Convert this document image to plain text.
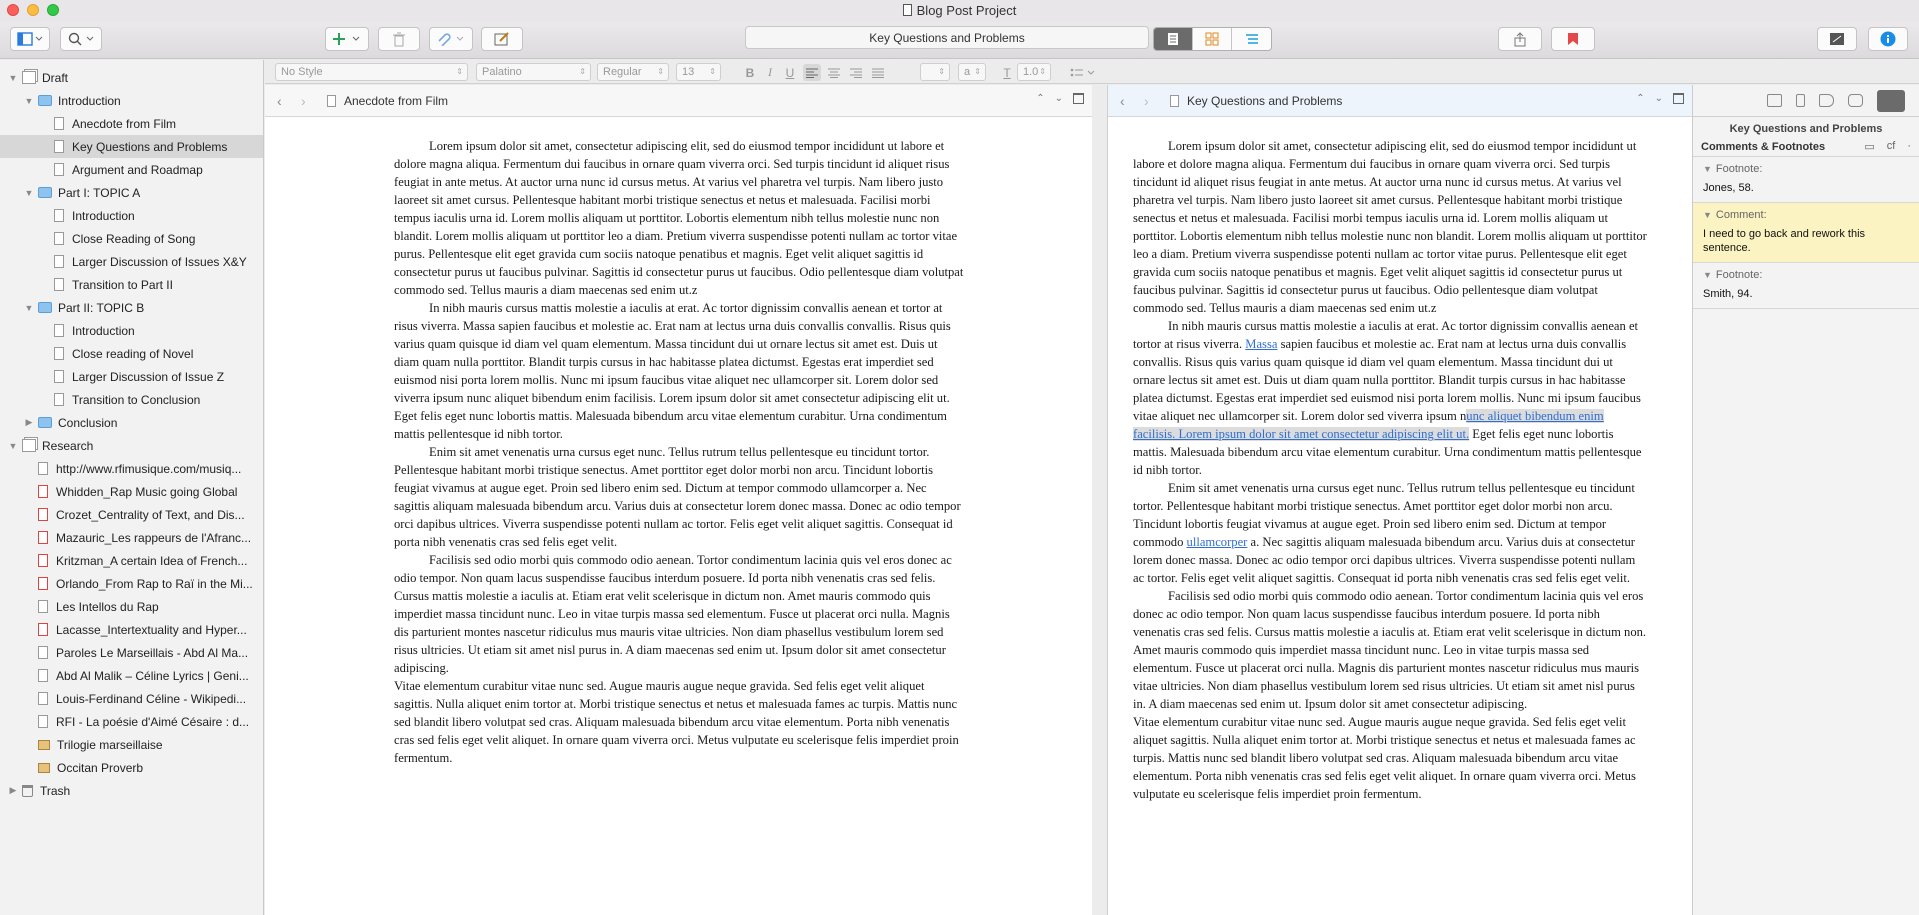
Blog Post Project
Key Questions and Problems
▼ Draft
▼ Introduction
Anecdote from Film
Key Questions and Problems
Argument and Roadmap
▼ Part I: TOPIC A
Introduction
Close Reading of Song
Larger Discussion of Issues X&Y
Transition to Part II
▼ Part II: TOPIC B
Introduction
Close reading of Novel
Larger Discussion of Issue Z
Transition to Conclusion
▶ Conclusion
▼ Research
http://www.rfimusique.com/musiq...
Whidden_Rap Music going Global
Crozet_Centrality of Text, and Dis...
Mazauric_Les rappeurs de l'Afranc...
Kritzman_A certain Idea of French...
Orlando_From Rap to Raï in the Mi...
Les Intellos du Rap
Lacasse_Intertextuality and Hyper...
Paroles Le Marseillais - Abd Al Ma...
Abd Al Malik – Céline Lyrics | Geni...
Louis-Ferdinand Céline - Wikipedi...
RFI - La poésie d'Aimé Césaire : d...
Trilogie marseillaise
Occitan Proverb
▶ Trash
No Style	⇕	Palatino	⇕	Regular ⇕	13 ⇕ B	I	U	⇕	a ⇕ T	1.0 ⇕
‹	›	Anecdote from Film	⌃ ⌄

Lorem ipsum dolor sit amet, consectetur adipiscing elit, sed do eiusmod tempor incididunt ut labore et dolore magna aliqua. Fermentum dui faucibus in ornare quam viverra orci. Sed turpis tincidunt id aliquet risus feugiat in ante metus. At auctor urna nunc id cursus metus. At varius vel pharetra vel turpis. Nam libero justo laoreet sit amet cursus. Pellentesque habitant morbi tristique senectus et netus et malesuada. Facilisi morbi tempus iaculis urna id. Lorem mollis aliquam ut porttitor. Lobortis elementum nibh tellus molestie nunc non blandit. Lorem mollis aliquam ut porttitor leo a diam. Pretium viverra suspendisse potenti nullam ac tortor vitae purus. Pellentesque elit eget gravida cum sociis natoque penatibus et magnis. Eget velit aliquet sagittis id consectetur purus ut faucibus pulvinar. Sagittis id consectetur purus ut faucibus. Odio pellentesque diam volutpat commodo sed. Tellus mauris a diam maecenas sed enim ut.z

In nibh mauris cursus mattis molestie a iaculis at erat. Ac tortor dignissim convallis aenean et tortor at risus viverra. Massa sapien faucibus et molestie ac. Erat nam at lectus urna duis convallis convallis. Risus quis varius quam quisque id diam vel quam elementum. Massa tincidunt dui ut ornare lectus sit amet est. Duis ut diam quam nulla porttitor. Blandit turpis cursus in hac habitasse platea dictumst. Egestas erat imperdiet sed euismod nisi porta lorem mollis. Nunc mi ipsum faucibus vitae aliquet nec ullamcorper sit. Lorem dolor sed viverra ipsum nunc aliquet bibendum enim facilisis. Lorem ipsum dolor sit amet consectetur adipiscing elit ut. Eget felis eget nunc lobortis mattis. Malesuada bibendum arcu vitae elementum curabitur. Urna condimentum mattis pellentesque id nibh tortor.

Enim sit amet venenatis urna cursus eget nunc. Tellus rutrum tellus pellentesque eu tincidunt tortor. Pellentesque habitant morbi tristique senectus. Amet porttitor eget dolor morbi non arcu. Tincidunt lobortis feugiat vivamus at augue eget. Proin sed libero enim sed. Dictum at tempor commodo ullamcorper a. Nec sagittis aliquam malesuada bibendum arcu. Varius duis at consectetur lorem donec massa. Donec ac odio tempor orci dapibus ultrices. Viverra suspendisse potenti nullam ac tortor. Felis eget velit aliquet sagittis. Consequat id porta nibh venenatis cras sed felis eget velit.

Facilisis sed odio morbi quis commodo odio aenean. Tortor condimentum lacinia quis vel eros donec ac odio tempor. Non quam lacus suspendisse faucibus interdum posuere. Id porta nibh venenatis cras sed felis. Cursus mattis molestie a iaculis at. Etiam erat velit scelerisque in dictum non. Amet mauris commodo quis imperdiet massa tincidunt nunc. Leo in vitae turpis massa sed elementum. Fusce ut placerat orci nulla. Magnis dis parturient montes nascetur ridiculus mus mauris vitae ultricies. Non diam phasellus vestibulum lorem sed risus ultricies. Ut etiam sit amet nisl purus in. A diam maecenas sed enim ut. Ipsum dolor sit amet consectetur adipiscing.

Vitae elementum curabitur vitae nunc sed. Augue mauris augue neque gravida. Sed felis eget velit aliquet sagittis. Nulla aliquet enim tortor at. Morbi tristique senectus et netus et malesuada fames ac turpis. Mattis nunc sed blandit libero volutpat sed cras. Aliquam malesuada bibendum arcu vitae elementum. Porta nibh venenatis cras sed felis eget velit aliquet. In ornare quam viverra orci. Metus vulputate eu scelerisque felis imperdiet proin fermentum.

‹	›	Key Questions and Problems	⌃ ⌄

Lorem ipsum dolor sit amet, consectetur adipiscing elit, sed do eiusmod tempor incididunt ut labore et dolore magna aliqua. Fermentum dui faucibus in ornare quam viverra orci. Sed turpis tincidunt id aliquet risus feugiat in ante metus. At auctor urna nunc id cursus metus. At varius vel pharetra vel turpis. Nam libero justo laoreet sit amet cursus. Pellentesque habitant morbi tristique senectus et netus et malesuada. Facilisi morbi tempus iaculis urna id. Lorem mollis aliquam ut porttitor. Lobortis elementum nibh tellus molestie nunc non blandit. Lorem mollis aliquam ut porttitor leo a diam. Pretium viverra suspendisse potenti nullam ac tortor vitae purus. Pellentesque elit eget gravida cum sociis natoque penatibus et magnis. Eget velit aliquet sagittis id consectetur purus ut faucibus pulvinar. Sagittis id consectetur purus ut faucibus. Odio pellentesque diam volutpat commodo sed. Tellus mauris a diam maecenas sed enim ut.z

In nibh mauris cursus mattis molestie a iaculis at erat. Ac tortor dignissim convallis aenean et tortor at risus viverra. Massa sapien faucibus et molestie ac. Erat nam at lectus urna duis convallis convallis. Risus quis varius quam quisque id diam vel quam elementum. Massa tincidunt dui ut ornare lectus sit amet est. Duis ut diam quam nulla porttitor. Blandit turpis cursus in hac habitasse platea dictumst. Egestas erat imperdiet sed euismod nisi porta lorem mollis. Nunc mi ipsum faucibus vitae aliquet nec ullamcorper sit. Lorem dolor sed viverra ipsum nunc aliquet bibendum enim facilisis. Lorem ipsum dolor sit amet consectetur adipiscing elit ut. Eget felis eget nunc lobortis mattis. Malesuada bibendum arcu vitae elementum curabitur. Urna condimentum mattis pellentesque id nibh tortor.

Enim sit amet venenatis urna cursus eget nunc. Tellus rutrum tellus pellentesque eu tincidunt tortor. Pellentesque habitant morbi tristique senectus. Amet porttitor eget dolor morbi non arcu. Tincidunt lobortis feugiat vivamus at augue eget. Proin sed libero enim sed. Dictum at tempor commodo ullamcorper a. Nec sagittis aliquam malesuada bibendum arcu. Varius duis at consectetur lorem donec massa. Donec ac odio tempor orci dapibus ultrices. Viverra suspendisse potenti nullam ac tortor. Felis eget velit aliquet sagittis. Consequat id porta nibh venenatis cras sed felis eget velit.

Facilisis sed odio morbi quis commodo odio aenean. Tortor condimentum lacinia quis vel eros donec ac odio tempor. Non quam lacus suspendisse faucibus interdum posuere. Id porta nibh venenatis cras sed felis. Cursus mattis molestie a iaculis at. Etiam erat velit scelerisque in dictum non. Amet mauris commodo quis imperdiet massa tincidunt nunc. Leo in vitae turpis massa sed elementum. Fusce ut placerat orci nulla. Magnis dis parturient montes nascetur ridiculus mus mauris vitae ultricies. Non diam phasellus vestibulum lorem sed risus ultricies. Ut etiam sit amet nisl purus in. A diam maecenas sed enim ut. Ipsum dolor sit amet consectetur adipiscing.

Vitae elementum curabitur vitae nunc sed. Augue mauris augue neque gravida. Sed felis eget velit aliquet sagittis. Nulla aliquet enim tortor at. Morbi tristique senectus et netus et malesuada fames ac turpis. Mattis nunc sed blandit libero volutpat sed cras. Aliquam malesuada bibendum arcu vitae elementum. Porta nibh venenatis cras sed felis eget velit aliquet. In ornare quam viverra orci. Metus vulputate eu scelerisque felis imperdiet proin fermentum.

Key Questions and Problems
Comments & Footnotes	▭ cf ·
▼ Footnote:
Jones, 58.
▼ Comment:
I need to go back and rework this sentence.
▼ Footnote:
Smith, 94.
